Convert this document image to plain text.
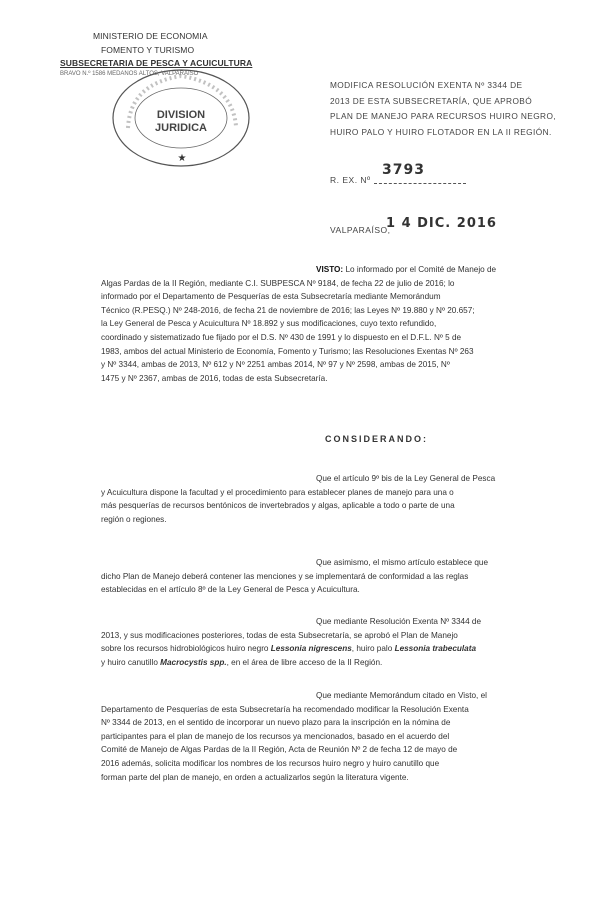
MINISTERIO DE ECONOMIA
FOMENTO Y TURISMO
SUBSECRETARIA DE PESCA Y ACUICULTURA
BRAVO N.º 1586 MEDANOS ALTOS, VALPARAISO
DIVISION
JURIDICA
★
MODIFICA RESOLUCIÓN EXENTA Nº 3344 DE
2013 DE ESTA SUBSECRETARÍA, QUE APROBÓ
PLAN DE MANEJO PARA RECURSOS HUIRO NEGRO,
HUIRO PALO Y HUIRO FLOTADOR EN LA II REGIÓN.
R. EX. Nº
3793
VALPARAÍSO,
1 4 DIC. 2016
VISTO: Lo informado por el Comité de Manejo de
Algas Pardas de la II Región, mediante C.I. SUBPESCA Nº 9184, de fecha 22 de julio de 2016; lo
informado por el Departamento de Pesquerías de esta Subsecretaría mediante Memorándum
Técnico (R.PESQ.) Nº 248-2016, de fecha 21 de noviembre de 2016; las Leyes Nº 19.880 y Nº 20.657;
la Ley General de Pesca y Acuicultura Nº 18.892 y sus modificaciones, cuyo texto refundido,
coordinado y sistematizado fue fijado por el D.S. Nº 430 de 1991 y lo dispuesto en el D.F.L. Nº 5 de
1983, ambos del actual Ministerio de Economía, Fomento y Turismo; las Resoluciones Exentas Nº 263
y Nº 3344, ambas de 2013, Nº 612 y Nº 2251 ambas 2014, Nº 97 y Nº 2598, ambas de 2015, Nº
1475 y Nº 2367, ambas de 2016, todas de esta Subsecretaría.
CONSIDERANDO:
Que el artículo 9º bis de la Ley General de Pesca
y Acuicultura dispone la facultad y el procedimiento para establecer planes de manejo para una o
más pesquerías de recursos bentónicos de invertebrados y algas, aplicable a todo o parte de una
región o regiones.
Que asimismo, el mismo artículo establece que
dicho Plan de Manejo deberá contener las menciones y se implementará de conformidad a las reglas
establecidas en el artículo 8º de la Ley General de Pesca y Acuicultura.
Que mediante Resolución Exenta Nº 3344 de
2013, y sus modificaciones posteriores, todas de esta Subsecretaría, se aprobó el Plan de Manejo
sobre los recursos hidrobiológicos huiro negro Lessonia nigrescens, huiro palo Lessonia trabeculata
y huiro canutillo Macrocystis spp., en el área de libre acceso de la II Región.
Que mediante Memorándum citado en Visto, el
Departamento de Pesquerías de esta Subsecretaría ha recomendado modificar la Resolución Exenta
Nº 3344 de 2013, en el sentido de incorporar un nuevo plazo para la inscripción en la nómina de
participantes para el plan de manejo de los recursos ya mencionados, basado en el acuerdo del
Comité de Manejo de Algas Pardas de la II Región, Acta de Reunión Nº 2 de fecha 12 de mayo de
2016 además, solicita modificar los nombres de los recursos huiro negro y huiro canutillo que
forman parte del plan de manejo, en orden a actualizarlos según la literatura vigente.
